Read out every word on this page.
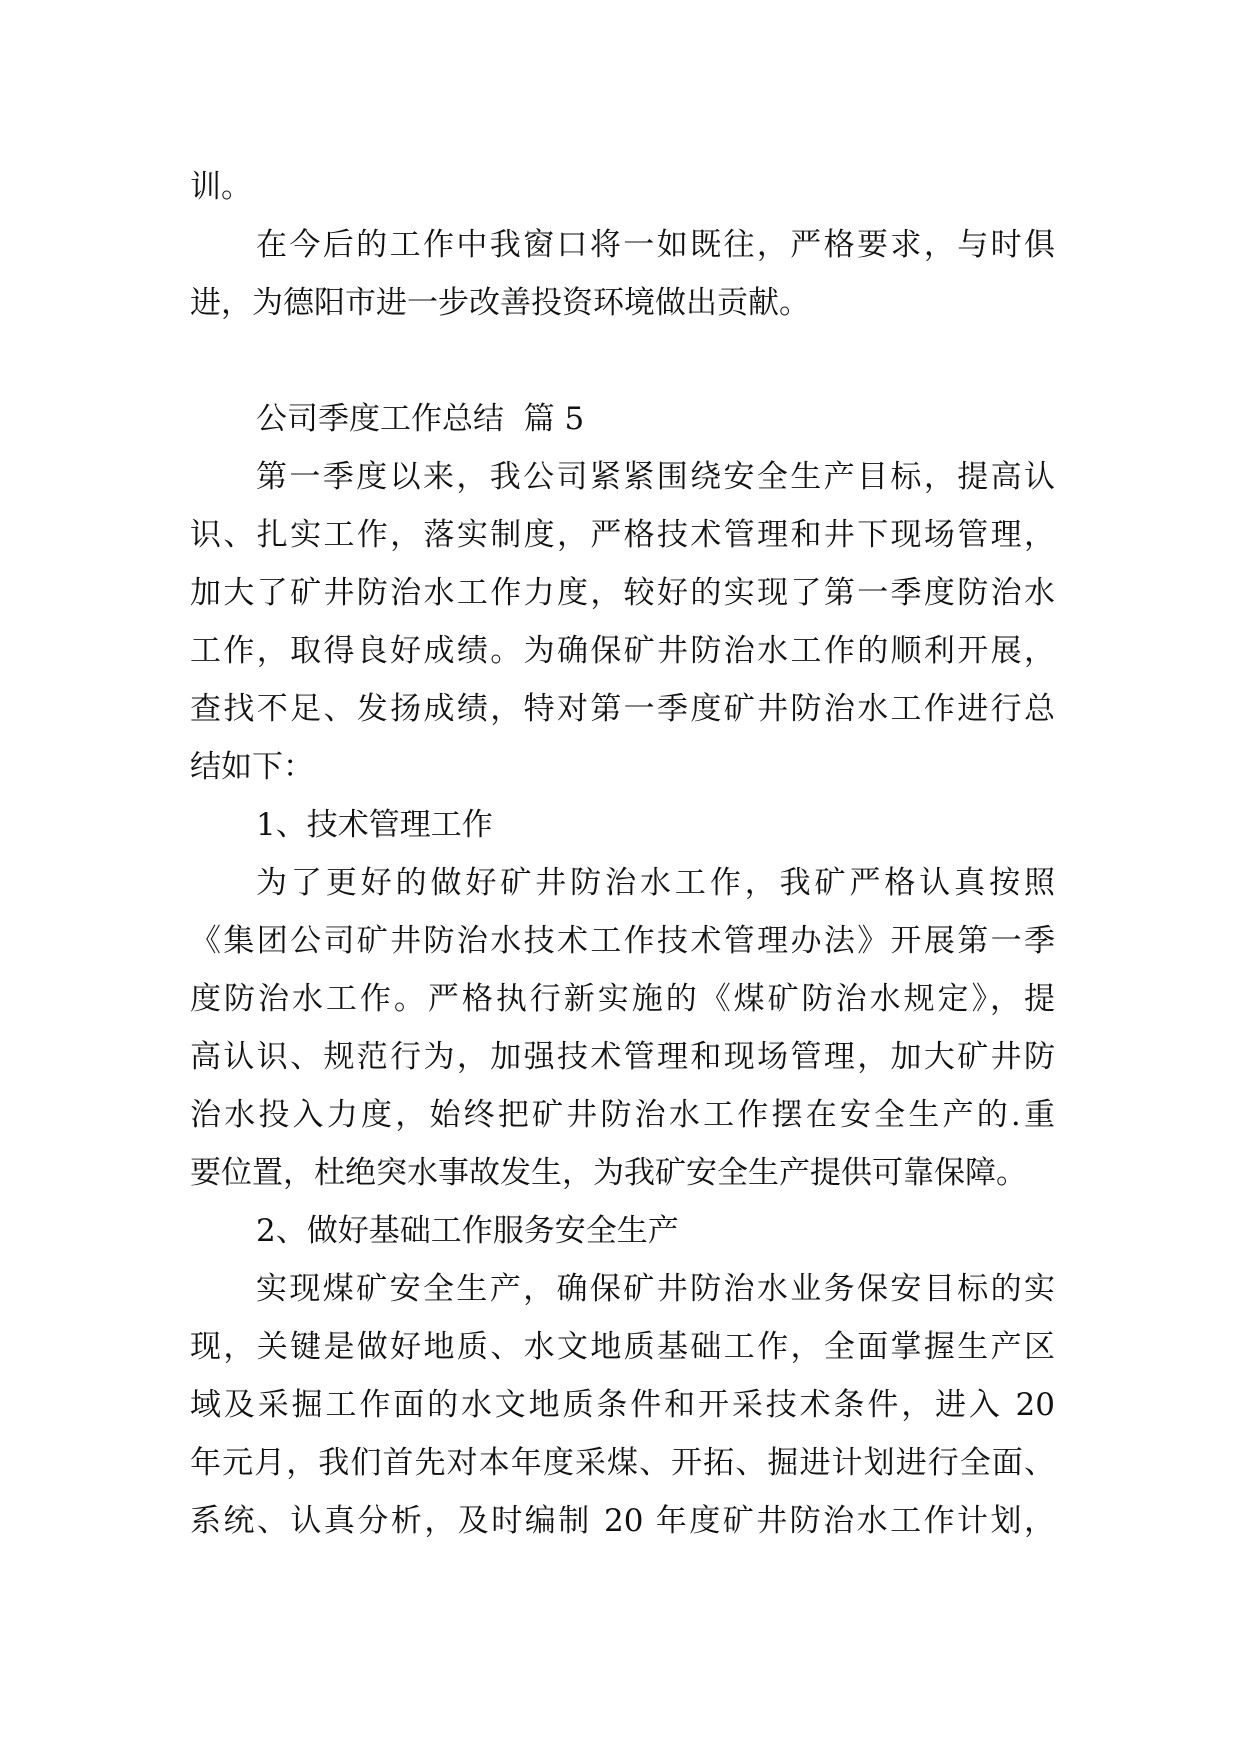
训。
在今后的工作中我窗口将一如既往，严格要求，与时俱
进，为德阳市进一步改善投资环境做出贡献。
公司季度工作总结  篇 5
第一季度以来，我公司紧紧围绕安全生产目标，提高认
识、扎实工作，落实制度，严格技术管理和井下现场管理，
加大了矿井防治水工作力度，较好的实现了第一季度防治水
工作，取得良好成绩。为确保矿井防治水工作的顺利开展，
查找不足、发扬成绩，特对第一季度矿井防治水工作进行总
结如下：
1、技术管理工作
为了更好的做好矿井防治水工作，我矿严格认真按照
《集团公司矿井防治水技术工作技术管理办法》开展第一季
度防治水工作。严格执行新实施的《煤矿防治水规定》，提
高认识、规范行为，加强技术管理和现场管理，加大矿井防
治水投入力度，始终把矿井防治水工作摆在安全生产的.重
要位置，杜绝突水事故发生，为我矿安全生产提供可靠保障。
2、做好基础工作服务安全生产
实现煤矿安全生产，确保矿井防治水业务保安目标的实
现，关键是做好地质、水文地质基础工作，全面掌握生产区
域及采掘工作面的水文地质条件和开采技术条件，进入 20
年元月，我们首先对本年度采煤、开拓、掘进计划进行全面、
系统、认真分析，及时编制 20 年度矿井防治水工作计划，
